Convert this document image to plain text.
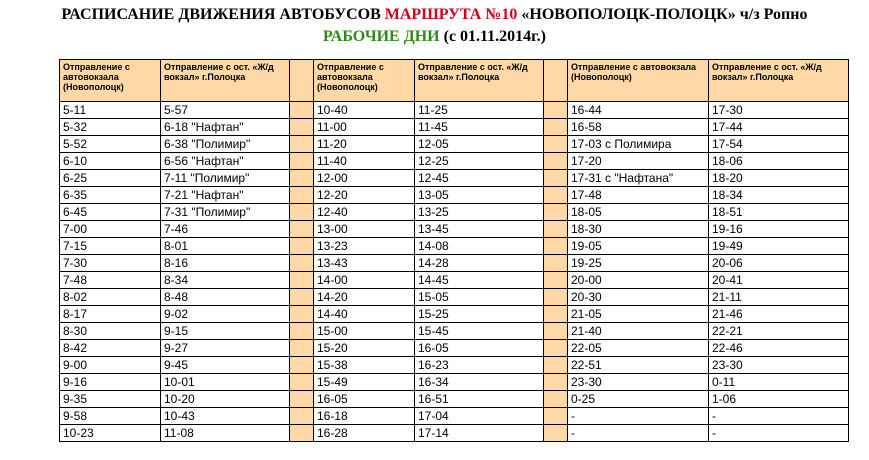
РАСПИСАНИЕ ДВИЖЕНИЯ АВТОБУСОВ МАРШРУТА №10 «НОВОПОЛОЦК-ПОЛОЦК» ч/з Ропно
РАБОЧИЕ ДНИ (с 01.11.2014г.)
Отправление с автовокзала (Новополоцк)	Отправление с ост. «Ж/д вокзал» г.Полоцка		Отправление с автовокзала (Новополоцк)	Отправление с ост. «Ж/д вокзал» г.Полоцка		Отправление с автовокзала (Новополоцк)	Отправление с ост. «Ж/д вокзал» г.Полоцка
5-11	5-57		10-40	11-25		16-44	17-30
5-32	6-18 "Нафтан"		11-00	11-45		16-58	17-44
5-52	6-38 "Полимир"		11-20	12-05		17-03 с Полимира	17-54
6-10	6-56 "Нафтан"		11-40	12-25		17-20	18-06
6-25	7-11 "Полимир"		12-00	12-45		17-31 с "Нафтана"	18-20
6-35	7-21 "Нафтан"		12-20	13-05		17-48	18-34
6-45	7-31 "Полимир"		12-40	13-25		18-05	18-51
7-00	7-46		13-00	13-45		18-30	19-16
7-15	8-01		13-23	14-08		19-05	19-49
7-30	8-16		13-43	14-28		19-25	20-06
7-48	8-34		14-00	14-45		20-00	20-41
8-02	8-48		14-20	15-05		20-30	21-11
8-17	9-02		14-40	15-25		21-05	21-46
8-30	9-15		15-00	15-45		21-40	22-21
8-42	9-27		15-20	16-05		22-05	22-46
9-00	9-45		15-38	16-23		22-51	23-30
9-16	10-01		15-49	16-34		23-30	0-11
9-35	10-20		16-05	16-51		0-25	1-06
9-58	10-43		16-18	17-04		-	-
10-23	11-08		16-28	17-14		-	-
